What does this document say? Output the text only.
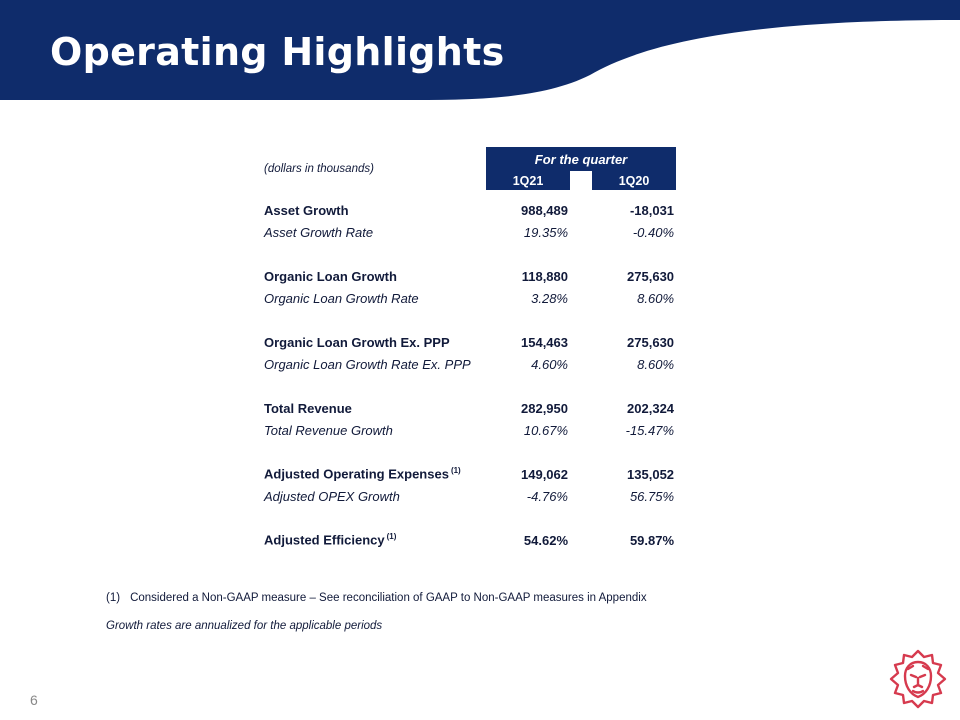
Operating Highlights
(dollars in thousands)	For the quarter		
	1Q21		1Q20

Asset Growth	988,489		-18,031
Asset Growth Rate	19.35%		-0.40%

Organic Loan Growth	118,880		275,630
Organic Loan Growth Rate	3.28%		8.60%

Organic Loan Growth Ex. PPP	154,463		275,630
Organic Loan Growth Rate Ex. PPP	4.60%		8.60%

Total Revenue	282,950		202,324
Total Revenue Growth	10.67%		-15.47%

Adjusted Operating Expenses $^{(1)}$	149,062		135,052
Adjusted OPEX Growth	-4.76%		56.75%

Adjusted Efficiency $^{(1)}$	54.62%		59.87%
(1) Considered a Non-GAAP measure – See reconciliation of GAAP to Non-GAAP measures in Appendix
Growth rates are annualized for the applicable periods
6
